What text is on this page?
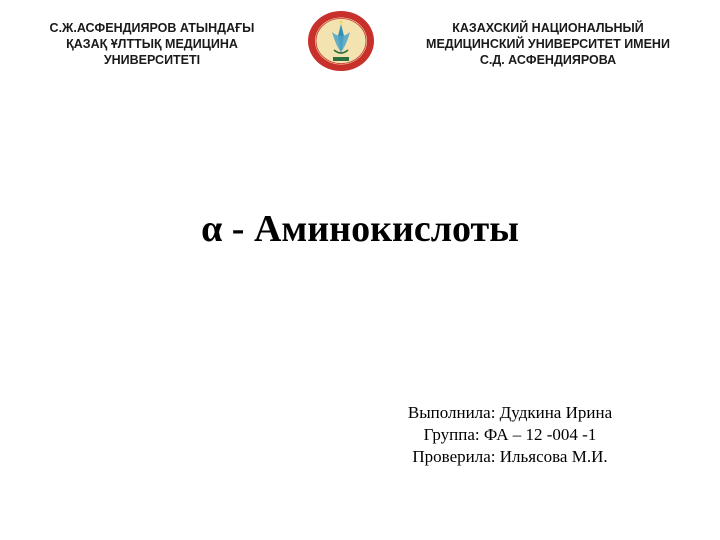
С.Ж.АСФЕНДИЯРОВ АТЫНДАҒЫ
ҚАЗАҚ ҰЛТТЫҚ МЕДИЦИНА
УНИВЕРСИТЕТІ
КАЗАХСКИЙ НАЦИОНАЛЬНЫЙ
МЕДИЦИНСКИЙ УНИВЕРСИТЕТ ИМЕНИ
С.Д. АСФЕНДИЯРОВА
α - Аминокислоты
Выполнила: Дудкина Ирина
Группа: ФА – 12 -004 -1
Проверила: Ильясова М.И.
